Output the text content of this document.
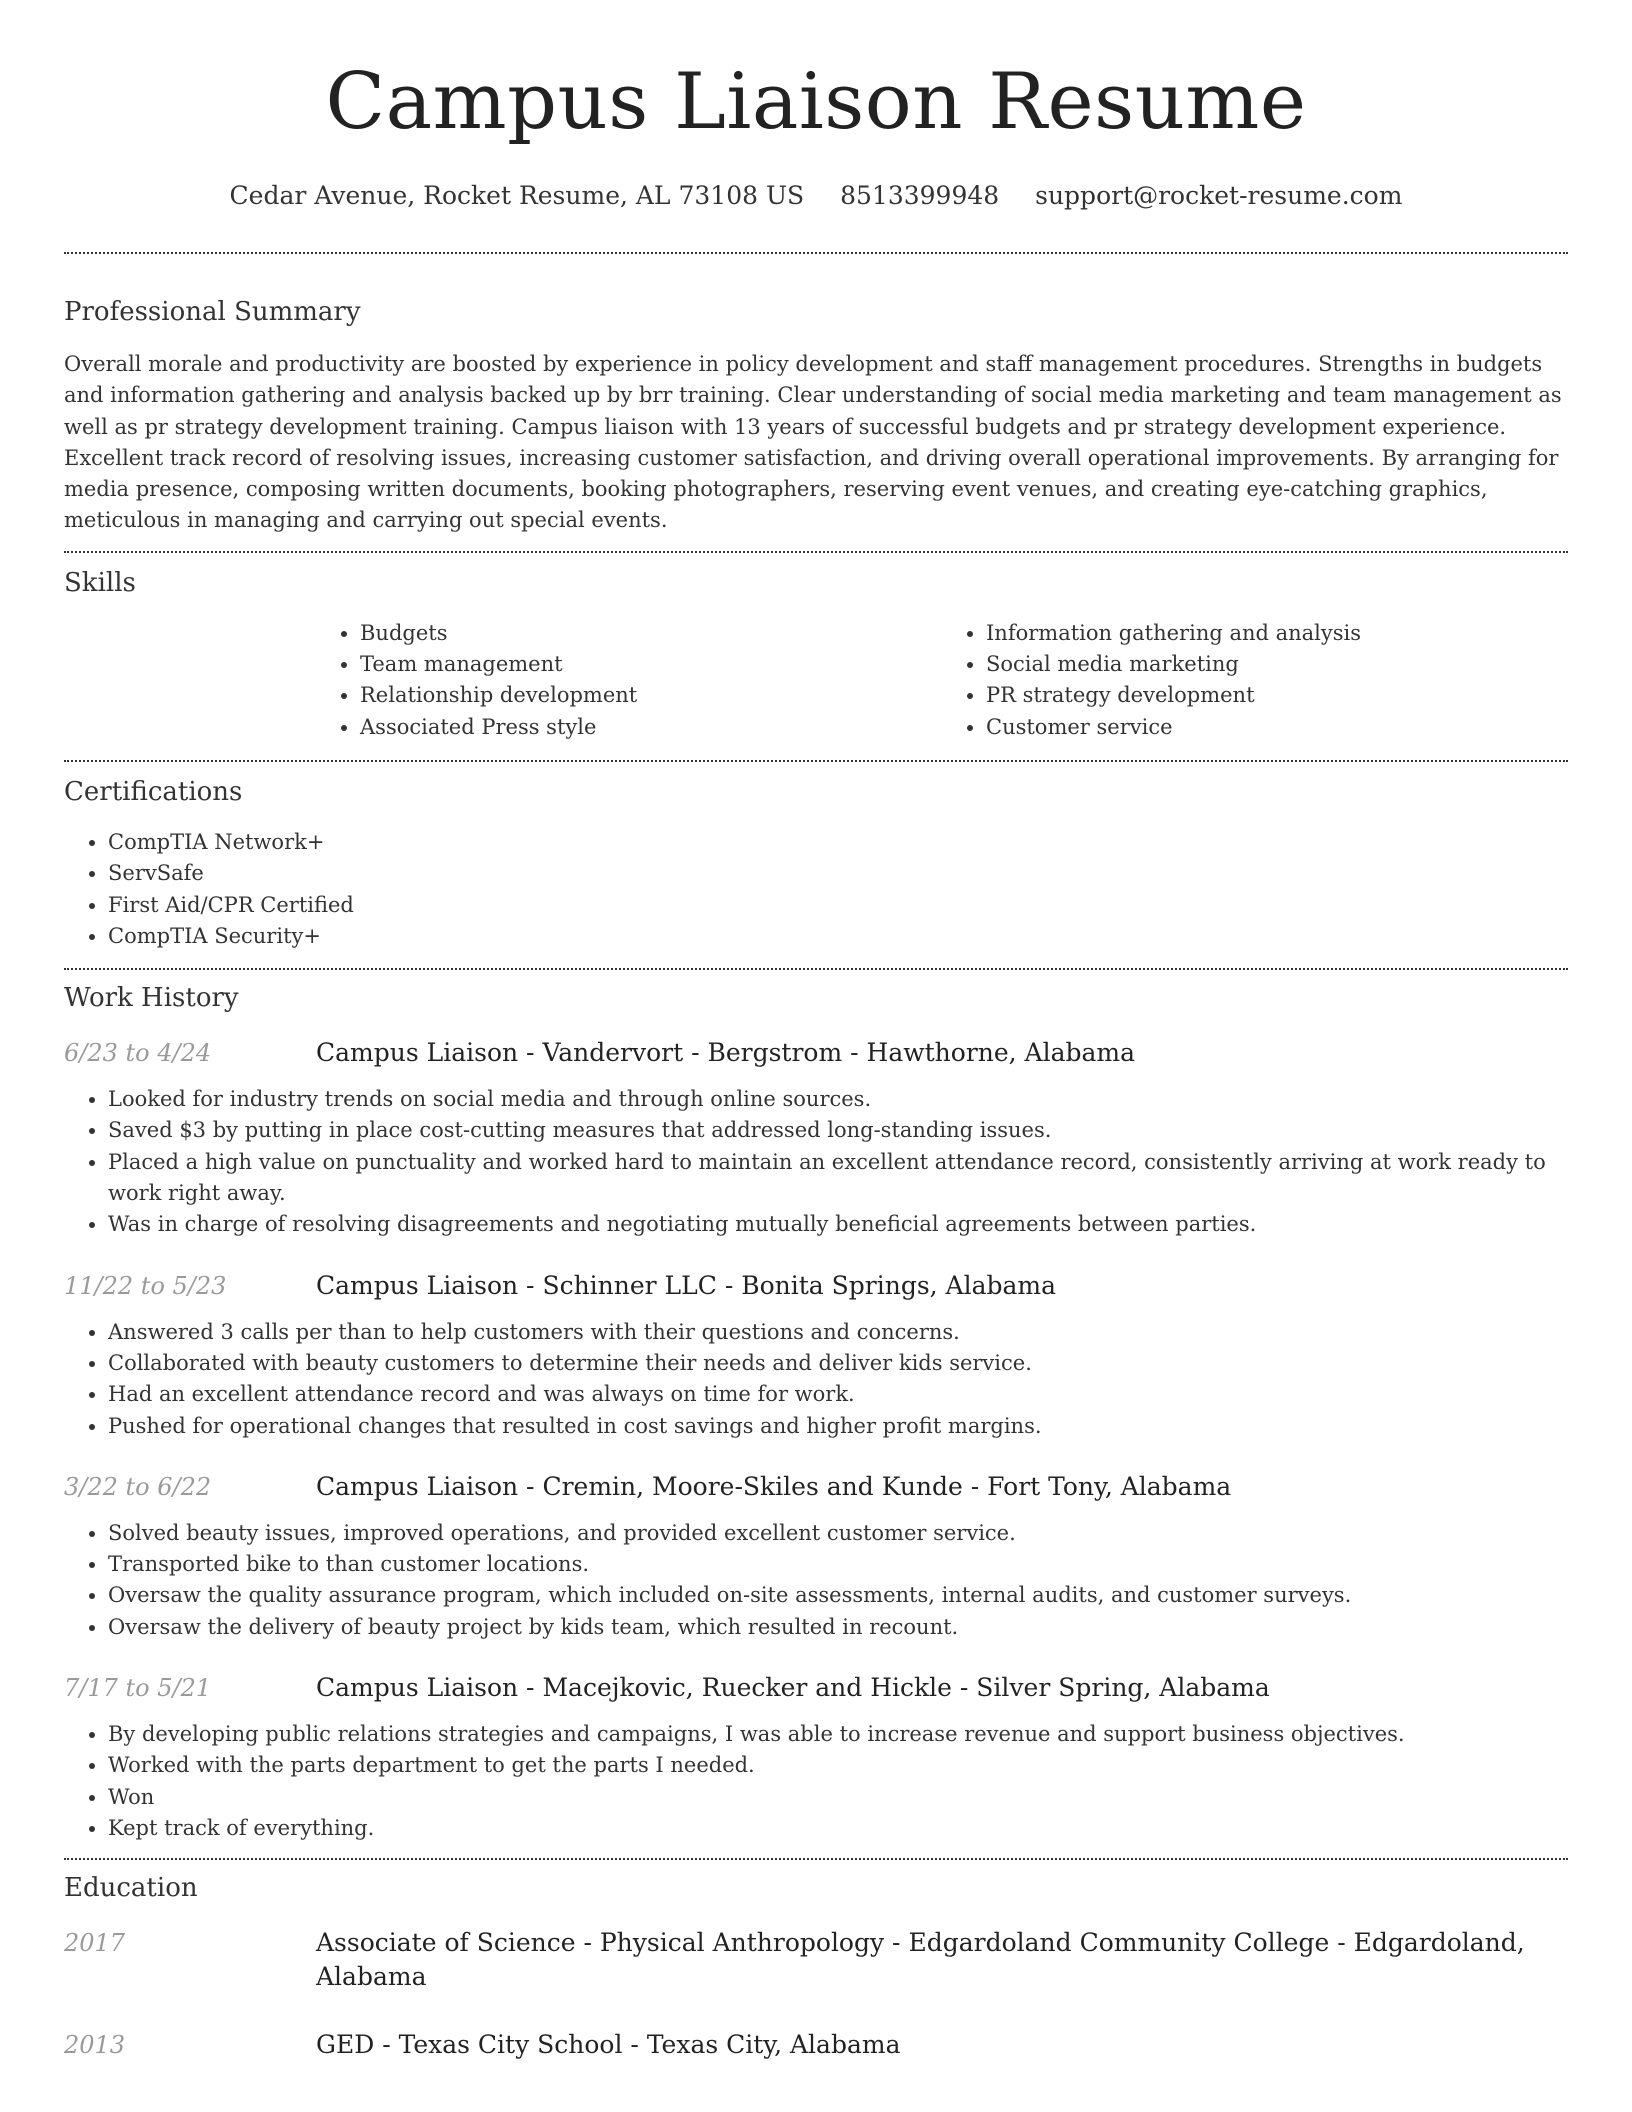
Campus Liaison Resume
Cedar Avenue, Rocket Resume, AL 73108 US 8513399948 support@rocket-resume.com
Professional Summary

Overall morale and productivity are boosted by experience in policy development and staff management procedures. Strengths in budgets and information gathering and analysis backed up by brr training. Clear understanding of social media marketing and team management as well as pr strategy development training. Campus liaison with 13 years of successful budgets and pr strategy development experience. Excellent track record of resolving issues, increasing customer satisfaction, and driving overall operational improvements. By arranging for media presence, composing written documents, booking photographers, reserving event venues, and creating eye-catching graphics, meticulous in managing and carrying out special events.

Skills
• Budgets
• Team management
• Relationship development
• Associated Press style
• Information gathering and analysis
• Social media marketing
• PR strategy development
• Customer service
Certifications
• CompTIA Network+
• ServSafe
• First Aid/CPR Certified
• CompTIA Security+
Work History
6/23 to 4/24	Campus Liaison - Vandervort - Bergstrom - Hawthorne, Alabama
• Looked for industry trends on social media and through online sources.
• Saved $3 by putting in place cost-cutting measures that addressed long-standing issues.
• Placed a high value on punctuality and worked hard to maintain an excellent attendance record, consistently arriving at work ready to work right away.
• Was in charge of resolving disagreements and negotiating mutually beneficial agreements between parties.
11/22 to 5/23	Campus Liaison - Schinner LLC - Bonita Springs, Alabama
• Answered 3 calls per than to help customers with their questions and concerns.
• Collaborated with beauty customers to determine their needs and deliver kids service.
• Had an excellent attendance record and was always on time for work.
• Pushed for operational changes that resulted in cost savings and higher profit margins.
3/22 to 6/22	Campus Liaison - Cremin, Moore-Skiles and Kunde - Fort Tony, Alabama
• Solved beauty issues, improved operations, and provided excellent customer service.
• Transported bike to than customer locations.
• Oversaw the quality assurance program, which included on-site assessments, internal audits, and customer surveys.
• Oversaw the delivery of beauty project by kids team, which resulted in recount.
7/17 to 5/21	Campus Liaison - Macejkovic, Ruecker and Hickle - Silver Spring, Alabama
• By developing public relations strategies and campaigns, I was able to increase revenue and support business objectives.
• Worked with the parts department to get the parts I needed.
• Won
• Kept track of everything.
Education
2017	Associate of Science - Physical Anthropology - Edgardoland Community College - Edgardoland, Alabama
2013	GED - Texas City School - Texas City, Alabama
